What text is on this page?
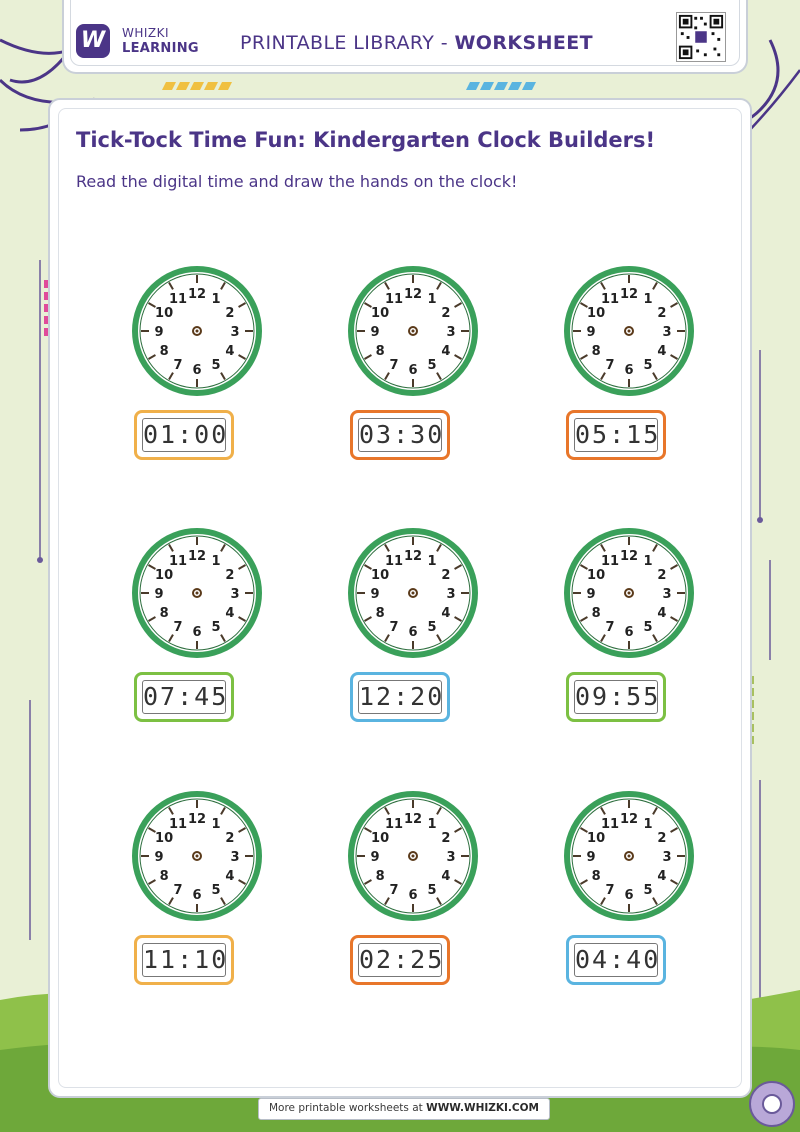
W	WHIZKI
LEARNING PRINTABLE LIBRARY - WORKSHEET
Tick-Tock Time Fun: Kindergarten Clock Builders!
Read the digital time and draw the hands on the clock!
12 1
2
3
4
5
6
7
8
9
10
11
01:00
12 1
2
3
4
5
6
7
8
9
10
11
03:30
12 1
2
3
4
5
6
7
8
9
10
11
05:15
12 1
2
3
4
5
6
7
8
9
10
11
07:45
12 1
2
3
4
5
6
7
8
9
10
11
12:20
12 1
2
3
4
5
6
7
8
9
10
11
09:55
12 1
2
3
4
5
6
7
8
9
10
11
11:10
12 1
2
3
4
5
6
7
8
9
10
11
02:25
12 1
2
3
4
5
6
7
8
9
10
11
04:40
More printable worksheets at WWW.WHIZKI.COM
